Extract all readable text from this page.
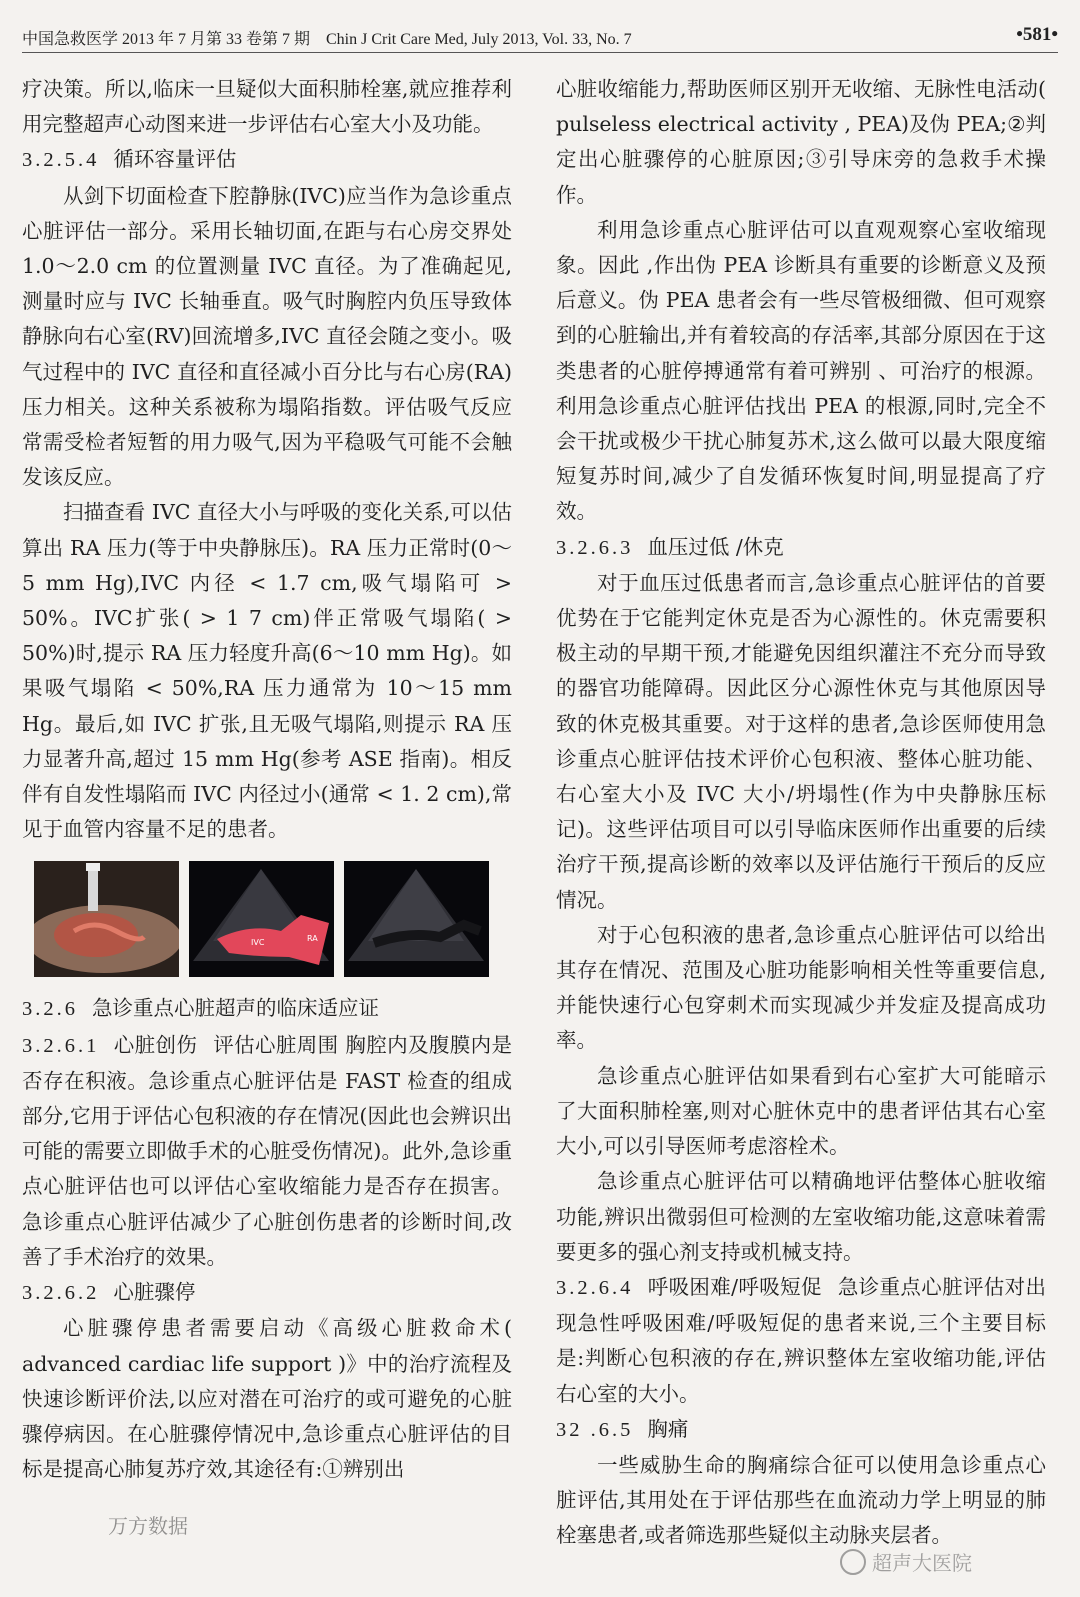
中国急救医学 2013 年 7 月第 33 卷第 7 期　Chin J Crit Care Med, July 2013, Vol. 33, No. 7	•581•

疗决策。所以,临床一旦疑似大面积肺栓塞,就应推荐利用完整超声心动图来进一步评估右心室大小及功能。

3.2.5.4 循环容量评估

从剑下切面检查下腔静脉(IVC)应当作为急诊重点心脏评估一部分。采用长轴切面,在距与右心房交界处 1.0～2.0 cm 的位置测量 IVC 直径。为了准确起见,测量时应与 IVC 长轴垂直。吸气时胸腔内负压导致体静脉向右心室(RV)回流增多,IVC 直径会随之变小。吸气过程中的 IVC 直径和直径减小百分比与右心房(RA)压力相关。这种关系被称为塌陷指数。评估吸气反应常需受检者短暂的用力吸气,因为平稳吸气可能不会触发该反应。

扫描查看 IVC 直径大小与呼吸的变化关系,可以估算出 RA 压力(等于中央静脉压)。RA 压力正常时(0～5 mm Hg),IVC 内径 < 1.7 cm,吸气塌陷可 > 50%。IVC扩张( > 1 7 cm)伴正常吸气塌陷( > 50%)时,提示 RA 压力轻度升高(6～10 mm Hg)。如果吸气塌陷 < 50%,RA 压力通常为 10～15 mm Hg。最后,如 IVC 扩张,且无吸气塌陷,则提示 RA 压力显著升高,超过 15 mm Hg(参考 ASE 指南)。相反 伴有自发性塌陷而 IVC 内径过小(通常 < 1. 2 cm),常见于血管内容量不足的患者。

IVC	RA
3.2.6 急诊重点心脏超声的临床适应证

3.2.6.1 心脏创伤 评估心脏周围 胸腔内及腹膜内是否存在积液。急诊重点心脏评估是 FAST 检查的组成部分,它用于评估心包积液的存在情况(因此也会辨识出可能的需要立即做手术的心脏受伤情况)。此外,急诊重点心脏评估也可以评估心室收缩能力是否存在损害。急诊重点心脏评估减少了心脏创伤患者的诊断时间,改善了手术治疗的效果。

3.2.6.2 心脏骤停

心脏骤停患者需要启动《高级心脏救命术( advanced cardiac life support )》中的治疗流程及快速诊断评价法,以应对潜在可治疗的或可避免的心脏骤停病因。在心脏骤停情况中,急诊重点心脏评估的目标是提高心肺复苏疗效,其途径有:①辨别出

心脏收缩能力,帮助医师区别开无收缩、无脉性电活动( pulseless electrical activity , PEA)及伪 PEA;②判定出心脏骤停的心脏原因;③引导床旁的急救手术操作。

利用急诊重点心脏评估可以直观观察心室收缩现象。因此 ,作出伪 PEA 诊断具有重要的诊断意义及预后意义。伪 PEA 患者会有一些尽管极细微、但可观察到的心脏输出,并有着较高的存活率,其部分原因在于这类患者的心脏停搏通常有着可辨别 、可治疗的根源。利用急诊重点心脏评估找出 PEA 的根源,同时,完全不会干扰或极少干扰心肺复苏术,这么做可以最大限度缩短复苏时间,减少了自发循环恢复时间,明显提高了疗效。

3.2.6.3 血压过低 /休克

对于血压过低患者而言,急诊重点心脏评估的首要优势在于它能判定休克是否为心源性的。休克需要积极主动的早期干预,才能避免因组织灌注不充分而导致的器官功能障碍。因此区分心源性休克与其他原因导致的休克极其重要。对于这样的患者,急诊医师使用急诊重点心脏评估技术评价心包积液、整体心脏功能、右心室大小及 IVC 大小/坍塌性(作为中央静脉压标记)。这些评估项目可以引导临床医师作出重要的后续治疗干预,提高诊断的效率以及评估施行干预后的反应情况。

对于心包积液的患者,急诊重点心脏评估可以给出其存在情况、范围及心脏功能影响相关性等重要信息,并能快速行心包穿刺术而实现减少并发症及提高成功率。

急诊重点心脏评估如果看到右心室扩大可能暗示了大面积肺栓塞,则对心脏休克中的患者评估其右心室大小,可以引导医师考虑溶栓术。

急诊重点心脏评估可以精确地评估整体心脏收缩功能,辨识出微弱但可检测的左室收缩功能,这意味着需要更多的强心剂支持或机械支持。

3.2.6.4 呼吸困难/呼吸短促 急诊重点心脏评估对出现急性呼吸困难/呼吸短促的患者来说,三个主要目标是:判断心包积液的存在,辨识整体左室收缩功能,评估右心室的大小。

32 .6.5 胸痛

一些威胁生命的胸痛综合征可以使用急诊重点心脏评估,其用处在于评估那些在血流动力学上明显的肺栓塞患者,或者筛选那些疑似主动脉夹层者。

万方数据
超声大医院
